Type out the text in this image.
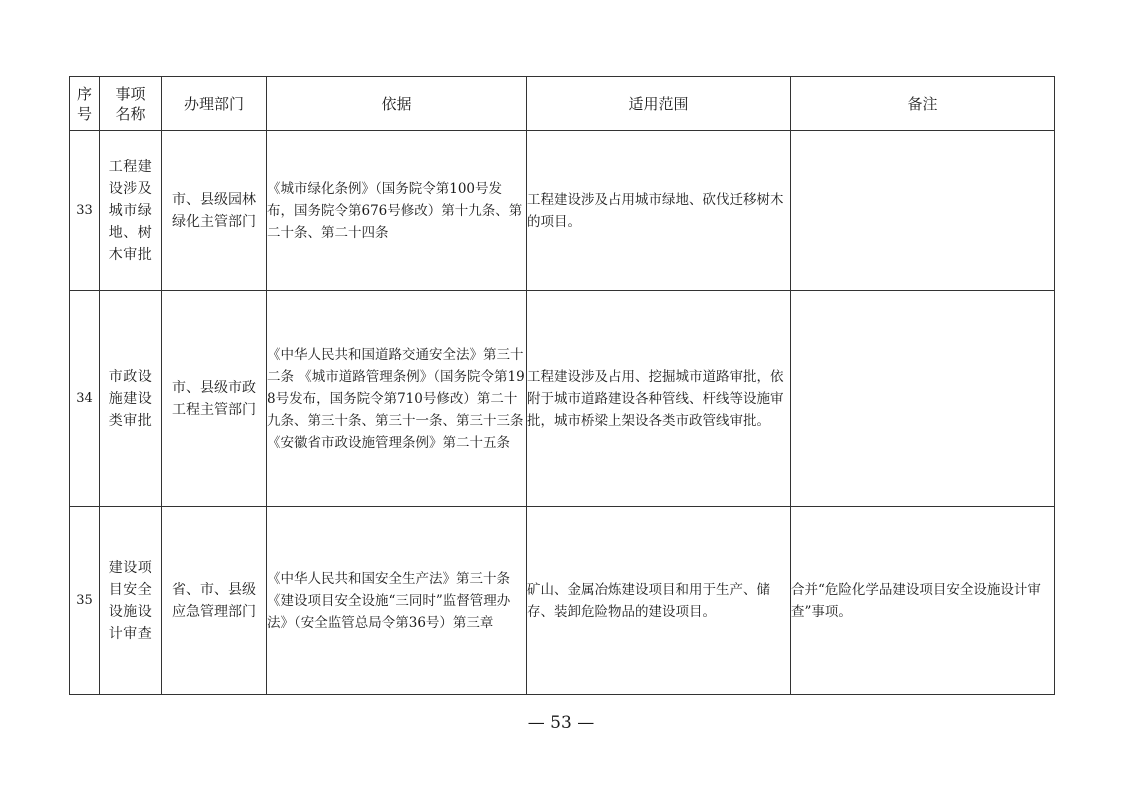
序号	事项名称	办理部门	依据	适用范围	备注
33	工程建设涉及城市绿地、树木审批	市、县级园林绿化主管部门	《城市绿化条例》（国务院令第100号发布，国务院令第676号修改）第十九条、第二十条、第二十四条	工程建设涉及占用城市绿地、砍伐迁移树木的项目。	

34	市政设施建设类审批	市、县级市政工程主管部门	《中华人民共和国道路交通安全法》第三十二条 《城市道路管理条例》（国务院令第198号发布，国务院令第710号修改）第二十九条、第三十条、第三十一条、第三十三条 《安徽省市政设施管理条例》第二十五条	工程建设涉及占用、挖掘城市道路审批，依附于城市道路建设各种管线、杆线等设施审批，城市桥梁上架设各类市政管线审批。	

35	建设项目安全设施设计审查	省、市、县级应急管理部门	《中华人民共和国安全生产法》第三十条 《建设项目安全设施“三同时”监督管理办法》（安全监管总局令第36号）第三章	矿山、金属冶炼建设项目和用于生产、储存、装卸危险物品的建设项目。	合并“危险化学品建设项目安全设施设计审查”事项。
— 53 —
